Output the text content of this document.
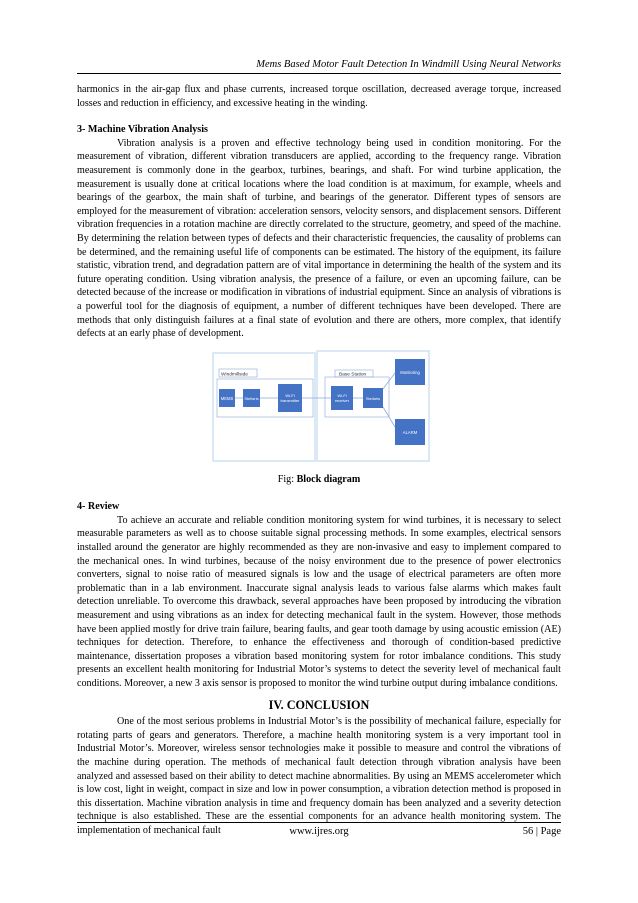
Mems Based Motor Fault Detection In Windmill Using Neural Networks

harmonics in the air-gap flux and phase currents, increased torque oscillation, decreased average torque, increased losses and reduction in efficiency, and excessive heating in the winding.

3- Machine Vibration Analysis

Vibration analysis is a proven and effective technology being used in condition monitoring. For the measurement of vibration, different vibration transducers are applied, according to the frequency range. Vibration measurement is commonly done in the gearbox, turbines, bearings, and shaft. For wind turbine application, the measurement is usually done at critical locations where the load condition is at maximum, for example, wheels and bearings of the gearbox, the main shaft of turbine, and bearings of the generator. Different types of sensors are employed for the measurement of vibration: acceleration sensors, velocity sensors, and displacement sensors. Different vibration frequencies in a rotation machine are directly correlated to the structure, geometry, and speed of the machine. By determining the relation between types of defects and their characteristic frequencies, the causality of problems can be determined, and the remaining useful life of components can be estimated. The history of the equipment, its failure statistic, vibration trend, and degradation pattern are of vital importance in determining the health of the system and its future operating condition. Using vibration analysis, the presence of a failure, or even an upcoming failure, can be detected because of the increase or modification in vibrations of industrial equipment. Since an analysis of vibrations is a powerful tool for the diagnosis of equipment, a number of different techniques have been developed. There are methods that only distinguish failures at a final state of evolution and there are others, more complex, that identify defects at an early phase of development.

Windmillside	Base Station
MEMS	Stellaris
Wi-Fi
transmitter
Wi-Fi
receiver	Stellaris
Monitoring
ALARM

Fig: Block diagram

4- Review

To achieve an accurate and reliable condition monitoring system for wind turbines, it is necessary to select measurable parameters as well as to choose suitable signal processing methods. In some examples, electrical sensors installed around the generator are highly recommended as they are non-invasive and easy to implement compared to the mechanical ones. In wind turbines, because of the noisy environment due to the presence of power electronics converters, signal to noise ratio of measured signals is low and the usage of electrical parameters are often more problematic than in a lab environment. Inaccurate signal analysis leads to various false alarms which makes fault detection unreliable. To overcome this drawback, several approaches have been proposed by introducing the vibration measurement and using vibrations as an index for detecting mechanical fault in the system. However, those methods have been applied mostly for drive train failure, bearing faults, and gear tooth damage by using acoustic emission (AE) techniques for detection. Therefore, to enhance the effectiveness and thorough of condition-based predictive maintenance, dissertation proposes a vibration based monitoring system for rotor imbalance conditions. This study presents an excellent health monitoring for Industrial Motor’s systems to detect the severity level of mechanical fault conditions. Moreover, a new 3 axis sensor is proposed to monitor the wind turbine output during imbalance conditions.

IV. CONCLUSION

One of the most serious problems in Industrial Motor’s is the possibility of mechanical failure, especially for rotating parts of gears and generators. Therefore, a machine health monitoring system is a very important tool in Industrial Motor’s. Moreover, wireless sensor technologies make it possible to measure and control the vibrations of the machine during operation. The methods of mechanical fault detection through vibration analysis have been analyzed and assessed based on their ability to detect machine abnormalities. By using an MEMS accelerometer which is low cost, light in weight, compact in size and low in power consumption, a vibration detection method is proposed in this dissertation. Machine vibration analysis in time and frequency domain has been analyzed and a severity detection technique is also established. These are the essential components for an advance health monitoring system. The implementation of mechanical fault	www.ijres.org	56 | Page
